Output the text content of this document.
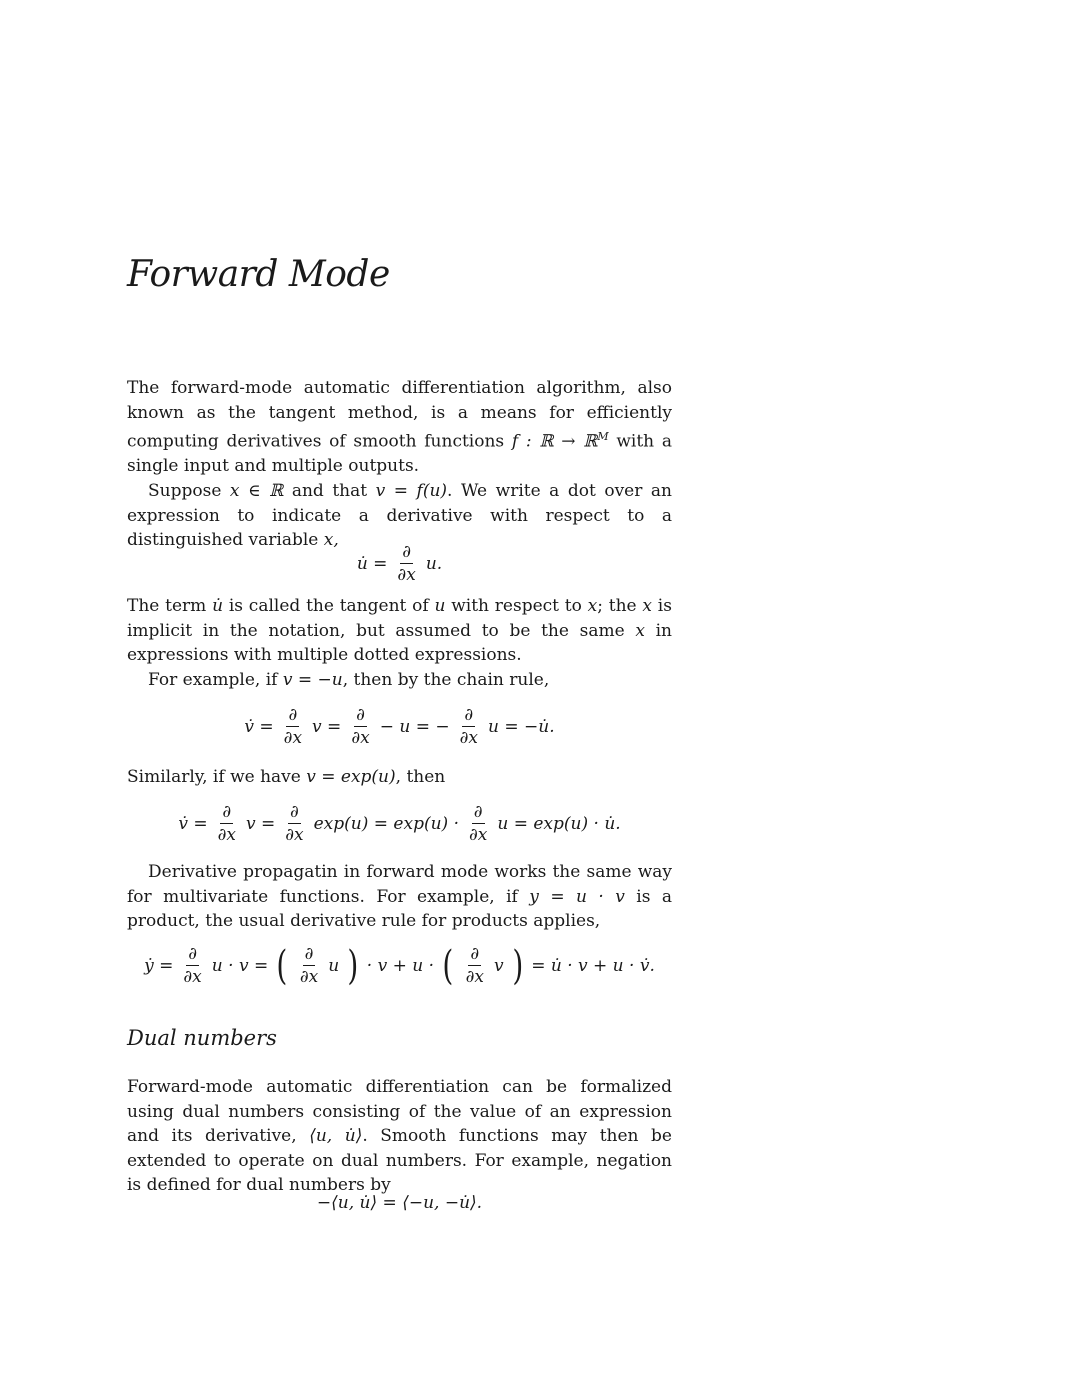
Forward Mode

The forward-mode automatic differentiation algorithm, also known as the tangent method, is a means for efficiently computing derivatives of smooth functions f : ℝ → ℝ$^M$ with a single input and multiple outputs.

Suppose x ∈ ℝ and that v = f(u). We write a dot over an expression to indicate a derivative with respect to a distinguished variable x,

u̇ = $\frac{\partial}{\partial x} u$.

The term u̇ is called the tangent of u with respect to x; the x is implicit in the notation, but assumed to be the same x in expressions with multiple dotted expressions.

For example, if v = −u, then by the chain rule,

v̇ = $\frac{\partial}{\partial x}$ $v = \frac{\partial}{\partial x} - u$ = − $\frac{\partial}{\partial x}$ u = −u̇.

Similarly, if we have v = exp(u), then

v̇ = $\frac{\partial}{\partial x}$ $v = \frac{\partial}{\partial x} \exp(u) = \exp(u) \cdot \frac{\partial}{\partial x}$ u = exp(u) · u̇.

Derivative propagatin in forward mode works the same way for multivariate functions. For example, if y = u · v is a product, the usual derivative rule for products applies,

ẏ = $\frac{\partial}{\partial x}$ u · v = ( $\frac{\partial}{\partial x}$ u ) · v + u · ( $\frac{\partial}{\partial x}$ v ) = u̇ · v + u · v̇.
Dual numbers

Forward-mode automatic differentiation can be formalized using dual numbers consisting of the value of an expression and its derivative, ⟨u, u̇⟩. Smooth functions may then be extended to operate on dual numbers. For example, negation is defined for dual numbers by

−⟨u, u̇⟩ = ⟨−u, −u̇⟩.
